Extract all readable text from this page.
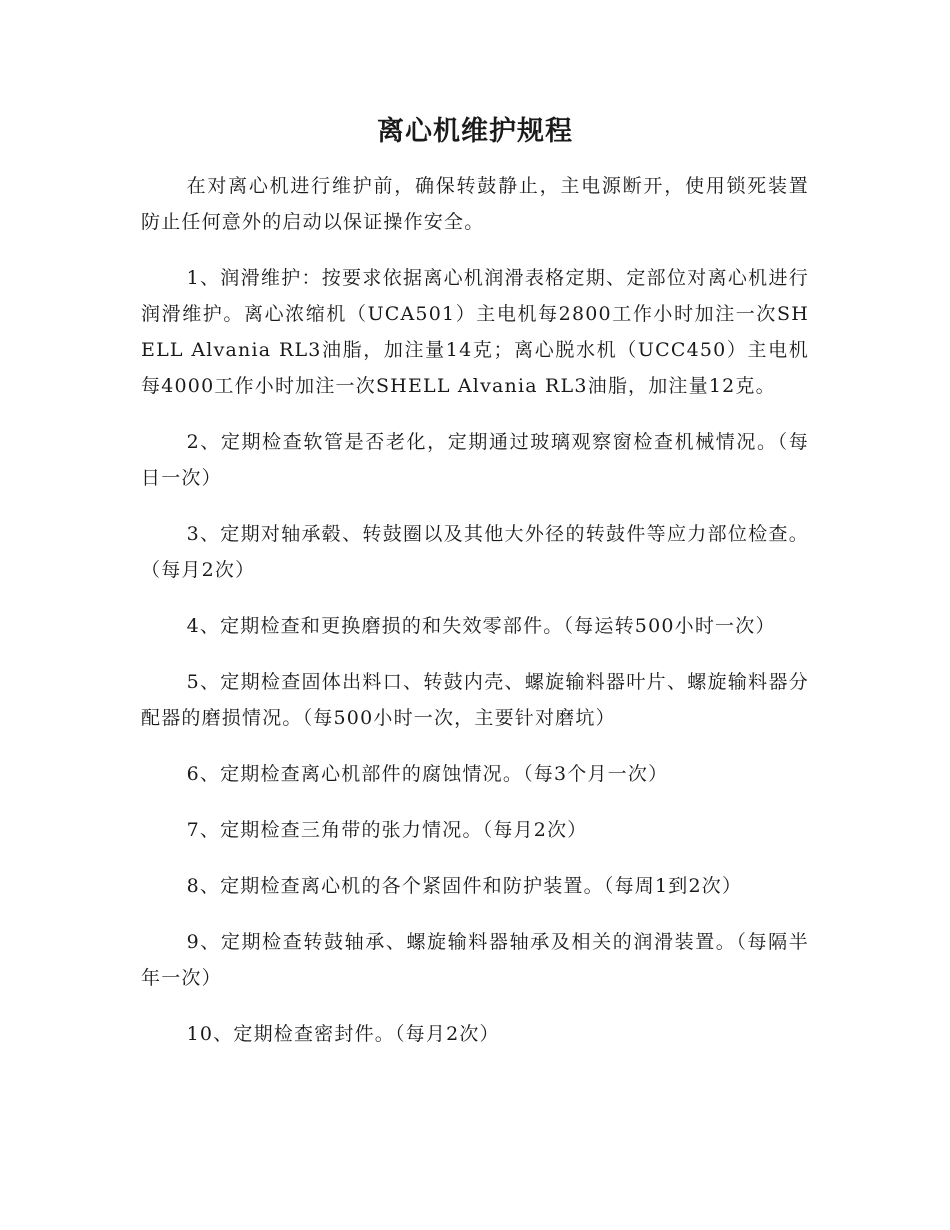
离心机维护规程

在对离心机进行维护前，确保转鼓静止，主电源断开，使用锁死装置防止任何意外的启动以保证操作安全。

1、润滑维护：按要求依据离心机润滑表格定期、定部位对离心机进行润滑维护。离心浓缩机（UCA501）主电机每2800工作小时加注一次SHELL Alvania RL3油脂，加注量14克；离心脱水机（UCC450）主电机每4000工作小时加注一次SHELL Alvania RL3油脂，加注量12克。

2、定期检查软管是否老化，定期通过玻璃观察窗检查机械情况。（每日一次）

3、定期对轴承毂、转鼓圈以及其他大外径的转鼓件等应力部位检查。（每月2次）

4、定期检查和更换磨损的和失效零部件。（每运转500小时一次）

5、定期检查固体出料口、转鼓内壳、螺旋输料器叶片、螺旋输料器分配器的磨损情况。（每500小时一次，主要针对磨坑）

6、定期检查离心机部件的腐蚀情况。（每3个月一次）

7、定期检查三角带的张力情况。（每月2次）

8、定期检查离心机的各个紧固件和防护装置。（每周1到2次）

9、定期检查转鼓轴承、螺旋输料器轴承及相关的润滑装置。（每隔半年一次）

10、定期检查密封件。（每月2次）
